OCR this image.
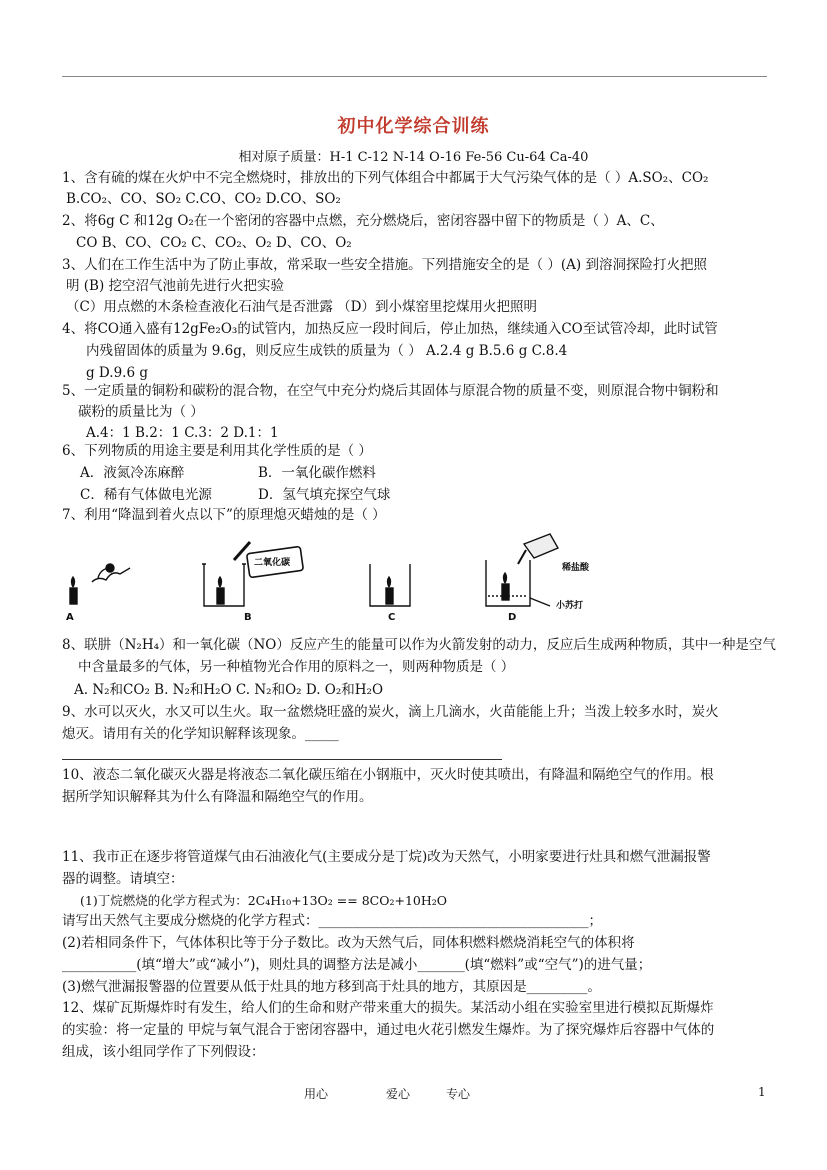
初中化学综合训练
相对原子质量：H-1 C-12 N-14 O-16 Fe-56 Cu-64 Ca-40
1、含有硫的煤在火炉中不完全燃烧时，排放出的下列气体组合中都属于大气污染气体的是（ ）A.SO₂、CO₂
B.CO₂、CO、SO₂ C.CO、CO₂ D.CO、SO₂
2、将6g C 和12g O₂在一个密闭的容器中点燃，充分燃烧后，密闭容器中留下的物质是（ ）A、C、
CO B、CO、CO₂ C、CO₂、O₂ D、CO、O₂
3、人们在工作生活中为了防止事故，常采取一些安全措施。下列措施安全的是（ ）(A) 到溶洞探险打火把照
明 (B) 挖空沼气池前先进行火把实验
（C）用点燃的木条检查液化石油气是否泄露 （D）到小煤窑里挖煤用火把照明
4、将CO通入盛有12gFe₂O₃的试管内，加热反应一段时间后，停止加热，继续通入CO至试管冷却，此时试管
内残留固体的质量为 9.6g，则反应生成铁的质量为（ ） A.2.4 g B.5.6 g C.8.4
g D.9.6 g
5、一定质量的铜粉和碳粉的混合物，在空气中充分灼烧后其固体与原混合物的质量不变，则原混合物中铜粉和
碳粉的质量比为（ ）
A.4：1 B.2：1 C.3：2 D.1：1
6、下列物质的用途主要是利用其化学性质的是（ ）
A．液氮冷冻麻醉	B．一氧化碳作燃料
C．稀有气体做电光源	D．氢气填充探空气球
7、利用“降温到着火点以下”的原理熄灭蜡烛的是（ ）
A	B	C	D
二氧化碳	稀盐酸
小苏打
8、联肼（N₂H₄）和一氧化碳（NO）反应产生的能量可以作为火箭发射的动力，反应后生成两种物质，其中一种是空气
中含量最多的气体，另一种植物光合作用的原料之一，则两种物质是（ ）
A. N₂和CO₂ B. N₂和H₂O C. N₂和O₂ D. O₂和H₂O
9、水可以灭火，水又可以生火。取一盆燃烧旺盛的炭火，滴上几滴水，火苗能能上升；当泼上较多水时，炭火
熄灭。请用有关的化学知识解释该现象。_____
10、液态二氧化碳灭火器是将液态二氧化碳压缩在小钢瓶中，灭火时使其喷出，有降温和隔绝空气的作用。根
据所学知识解释其为什么有降温和隔绝空气的作用。
11、我市正在逐步将管道煤气由石油液化气(主要成分是丁烷)改为天然气，小明家要进行灶具和燃气泄漏报警
器的调整。请填空：
(1)丁烷燃烧的化学方程式为：2C₄H₁₀+13O₂ == 8CO₂+10H₂O
请写出天然气主要成分燃烧的化学方程式：________________________________________；
(2)若相同条件下，气体体积比等于分子数比。改为天然气后，同体积燃料燃烧消耗空气的体积将
___________(填“增大”或“减小”)，则灶具的调整方法是减小_______(填“燃料”或“空气”)的进气量；
(3)燃气泄漏报警器的位置要从低于灶具的地方移到高于灶具的地方，其原因是_________。
12、煤矿瓦斯爆炸时有发生，给人们的生命和财产带来重大的损失。某活动小组在实验室里进行模拟瓦斯爆炸
的实验：将一定量的 甲烷与氧气混合于密闭容器中，通过电火花引燃发生爆炸。为了探究爆炸后容器中气体的
组成，该小组同学作了下列假设：
用心	爱心	专心	1
